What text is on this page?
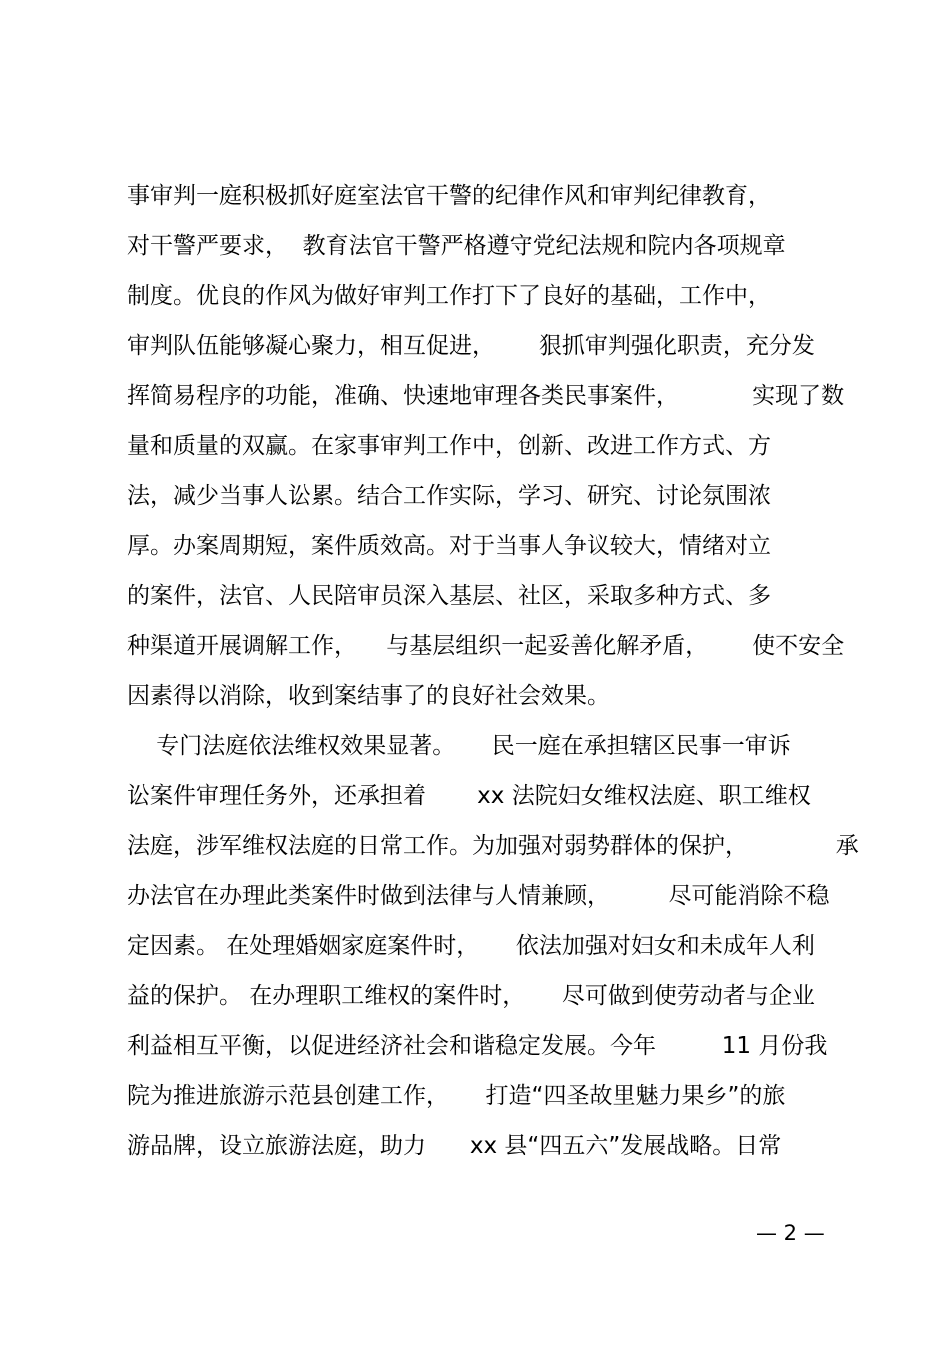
事审判一庭积极抓好庭室法官干警的纪律作风和审判纪律教育，
对干警严要求，  教育法官干警严格遵守党纪法规和院内各项规章
制度。优良的作风为做好审判工作打下了良好的基础，工作中，
审判队伍能够凝心聚力，相互促进，      狠抓审判强化职责，充分发
挥简易程序的功能，准确、快速地审理各类民事案件，          实现了数
量和质量的双赢。在家事审判工作中，创新、改进工作方式、方
法，减少当事人讼累。结合工作实际，学习、研究、讨论氛围浓
厚。办案周期短，案件质效高。对于当事人争议较大，情绪对立
的案件，法官、人民陪审员深入基层、社区，采取多种方式、多
种渠道开展调解工作，    与基层组织一起妥善化解矛盾，      使不安全
因素得以消除，收到案结事了的良好社会效果。
专门法庭依法维权效果显著。     民一庭在承担辖区民事一审诉
讼案件审理任务外，还承担着       xx 法院妇女维权法庭、职工维权
法庭，涉军维权法庭的日常工作。为加强对弱势群体的保护，            承
办法官在办理此类案件时做到法律与人情兼顾，        尽可能消除不稳
定因素。 在处理婚姻家庭案件时，     依法加强对妇女和未成年人利
益的保护。 在办理职工维权的案件时，     尽可做到使劳动者与企业
利益相互平衡，以促进经济社会和谐稳定发展。今年         11 月份我
院为推进旅游示范县创建工作，     打造“四圣故里魅力果乡”的旅
游品牌，设立旅游法庭，助力      xx 县“四五六”发展战略。日常
— 2 —
